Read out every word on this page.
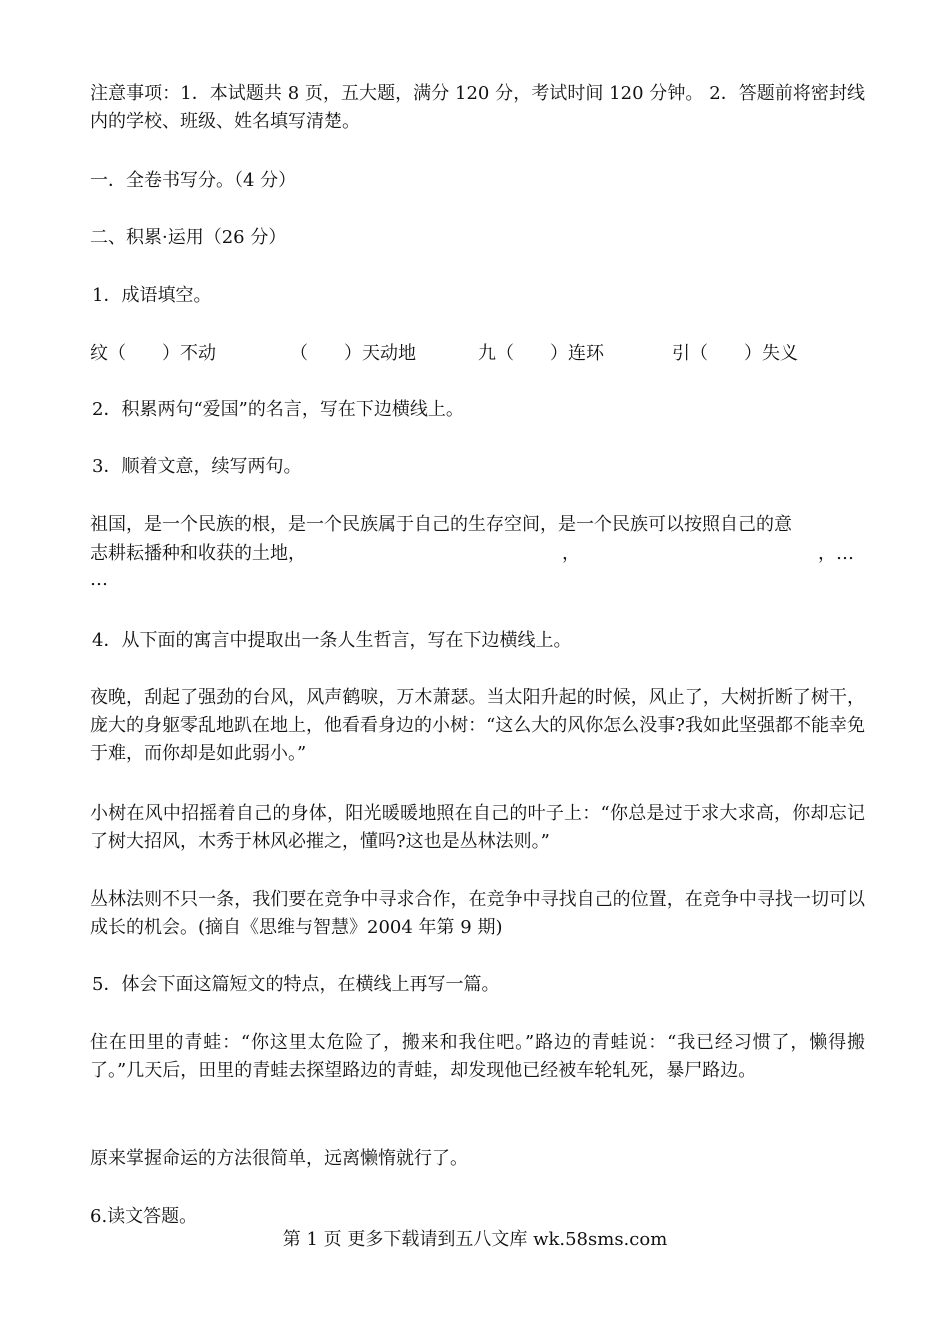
注意事项：1．本试题共 8 页，五大题，满分 120 分，考试时间 120 分钟。 2．答题前将密封线内的学校、班级、姓名填写清楚。

一．全卷书写分。（4 分）

二、积累·运用（26 分）

1．成语填空。

纹（　　）不动	（　　）天动地	九（　　）连环	引（　　）失义

2．积累两句“爱国”的名言，写在下边横线上。

3．顺着文意，续写两句。

祖国，是一个民族的根，是一个民族属于自己的生存空间，是一个民族可以按照自己的意

志耕耘播种和收获的土地，	，	，…

…

4．从下面的寓言中提取出一条人生哲言，写在下边横线上。

夜晚，刮起了强劲的台风，风声鹤唳，万木萧瑟。当太阳升起的时候，风止了，大树折断了树干，庞大的身躯零乱地趴在地上，他看看身边的小树：“这么大的风你怎么没事?我如此坚强都不能幸免于难，而你却是如此弱小。”

小树在风中招摇着自己的身体，阳光暖暖地照在自己的叶子上：“你总是过于求大求高，你却忘记了树大招风，木秀于林风必摧之，懂吗?这也是丛林法则。”

丛林法则不只一条，我们要在竞争中寻求合作，在竞争中寻找自己的位置，在竞争中寻找一切可以成长的机会。(摘自《思维与智慧》2004 年第 9 期)

5．体会下面这篇短文的特点，在横线上再写一篇。

住在田里的青蛙：“你这里太危险了，搬来和我住吧。”路边的青蛙说：“我已经习惯了，懒得搬了。”几天后，田里的青蛙去探望路边的青蛙，却发现他已经被车轮轧死，暴尸路边。

原来掌握命运的方法很简单，远离懒惰就行了。

6.读文答题。

第 1 页 更多下载请到五八文库 wk.58sms.com
